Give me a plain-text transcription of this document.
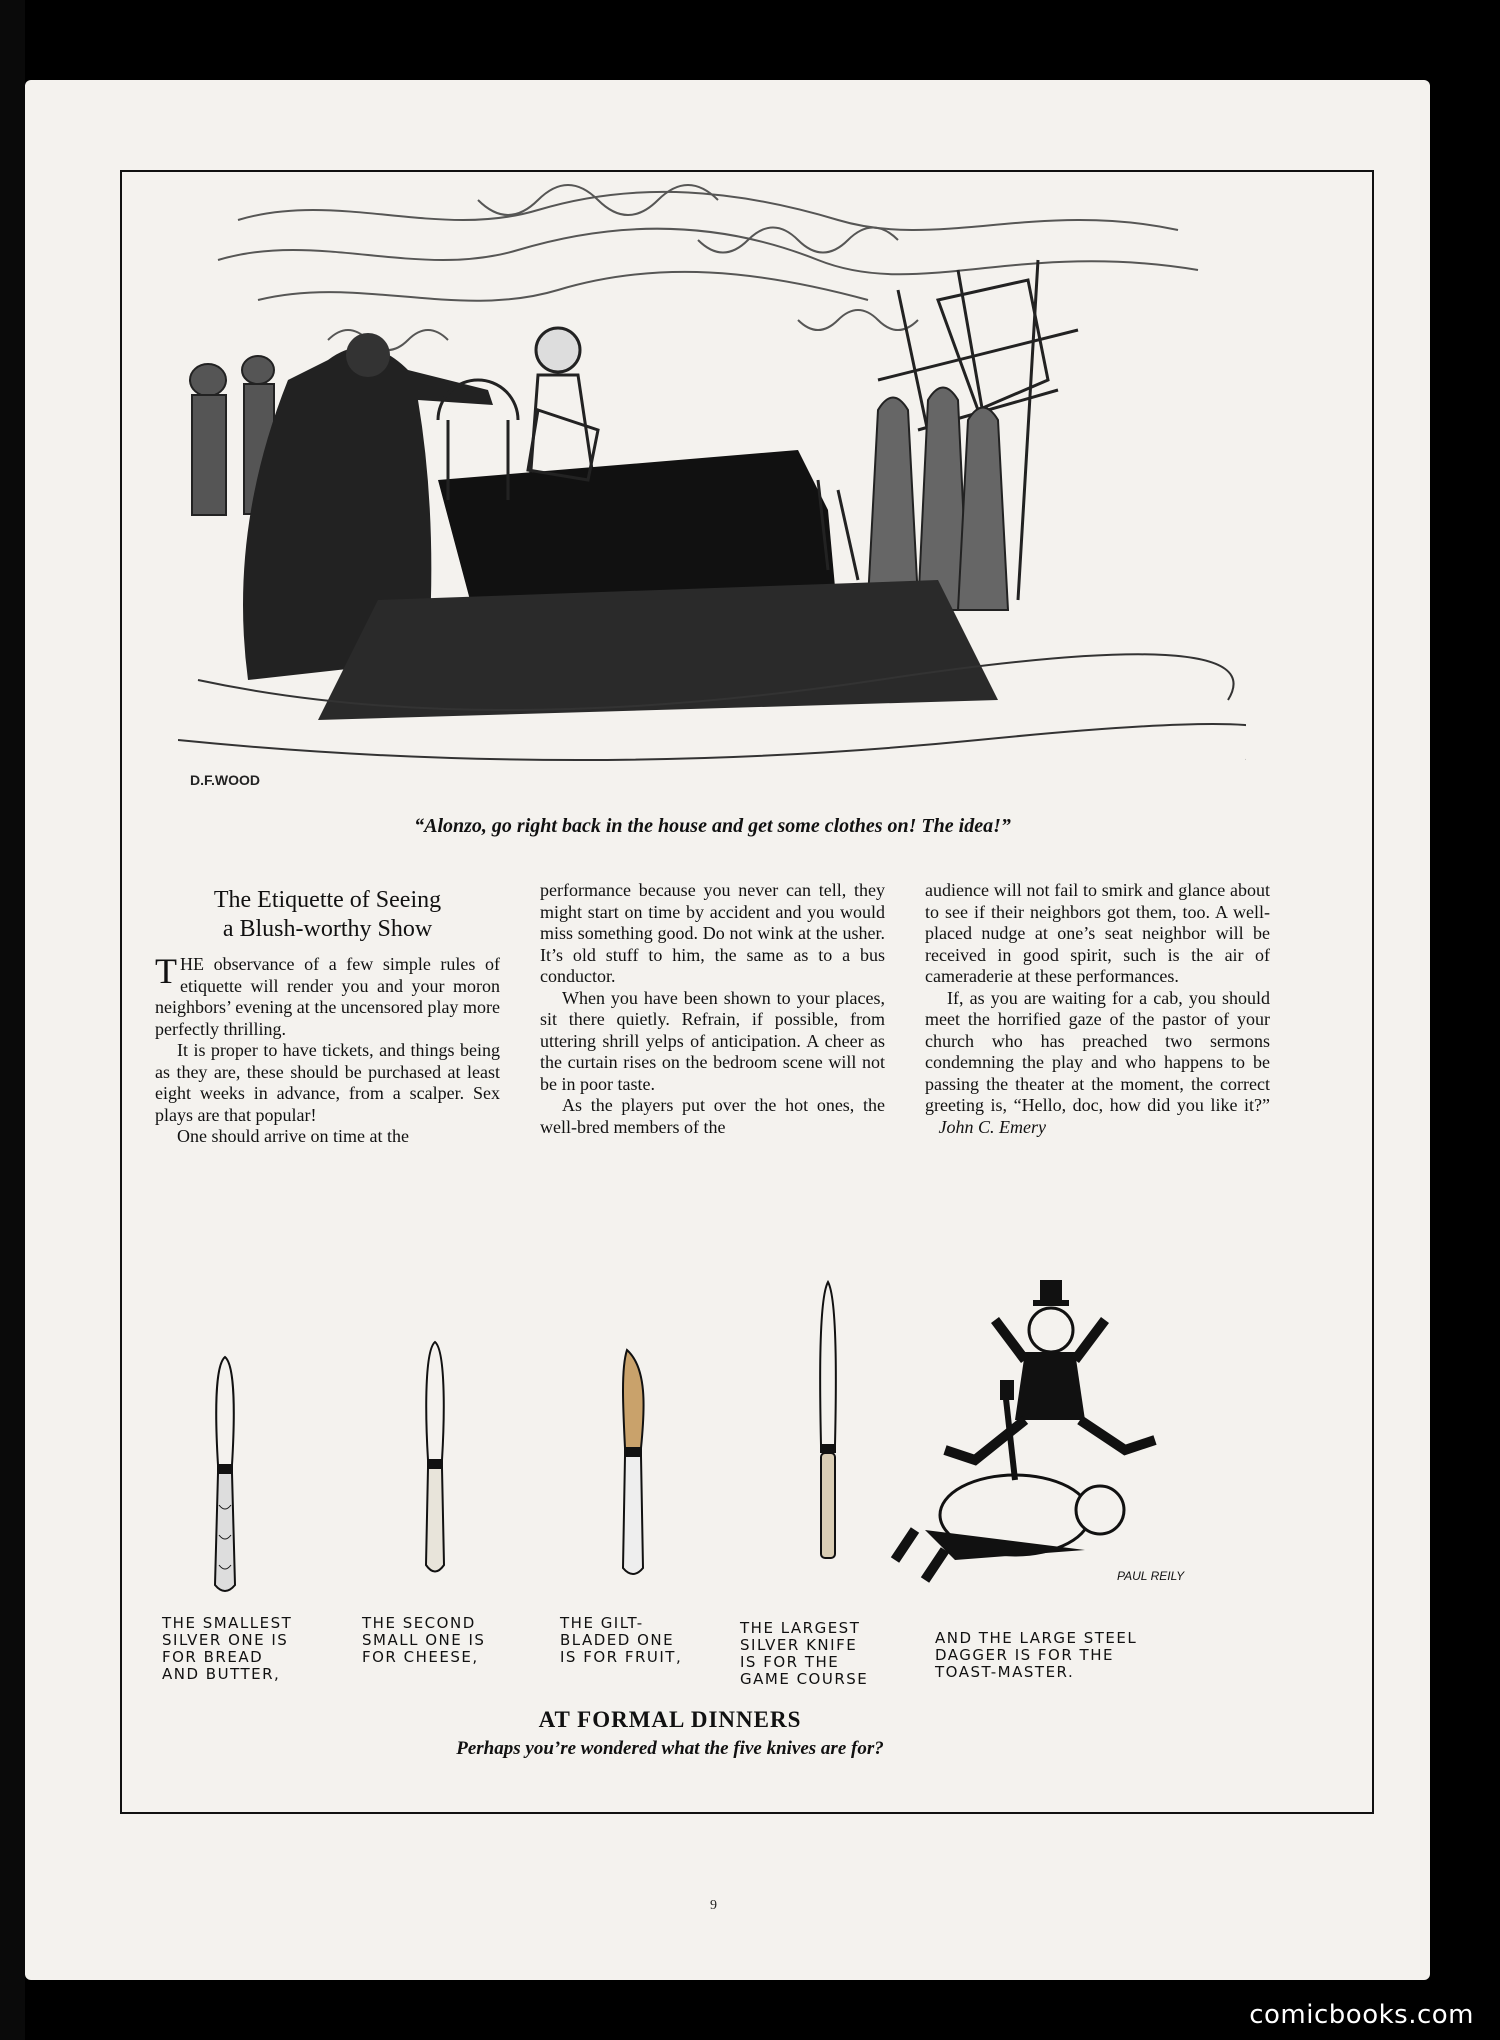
D.F.WOOD
“Alonzo, go right back in the house and get some clothes on! The idea!”
The Etiquette of Seeing
a Blush-worthy Show

THE observance of a few simple rules of etiquette will render you and your moron neighbors’ evening at the uncensored play more perfectly thrilling.

It is proper to have tickets, and things being as they are, these should be purchased at least eight weeks in advance, from a scalper. Sex plays are that popular!

One should arrive on time at the

performance because you never can tell, they might start on time by accident and you would miss something good. Do not wink at the usher. It’s old stuff to him, the same as to a bus conductor.

When you have been shown to your places, sit there quietly. Refrain, if possible, from uttering shrill yelps of anticipation. A cheer as the curtain rises on the bedroom scene will not be in poor taste.

As the players put over the hot ones, the well-bred members of the

audience will not fail to smirk and glance about to see if their neighbors got them, too. A well-placed nudge at one’s seat neighbor will be received in good spirit, such is the air of cameraderie at these performances.

If, as you are waiting for a cab, you should meet the horrified gaze of the pastor of your church who has preached two sermons condemning the play and who happens to be passing the theater at the moment, the correct greeting is, “Hello, doc, how did you like it?”    John C. Emery

PAUL REILY
THE SMALLEST
SILVER ONE IS
FOR BREAD
AND BUTTER,
THE SECOND
SMALL ONE IS
FOR CHEESE,
THE GILT-
BLADED ONE
IS FOR FRUIT,
THE LARGEST
SILVER KNIFE
IS FOR THE
GAME COURSE
AND THE LARGE STEEL
DAGGER IS FOR THE
TOAST-MASTER.
AT FORMAL DINNERS
Perhaps you’re wondered what the five knives are for?
9
comicbooks.com
